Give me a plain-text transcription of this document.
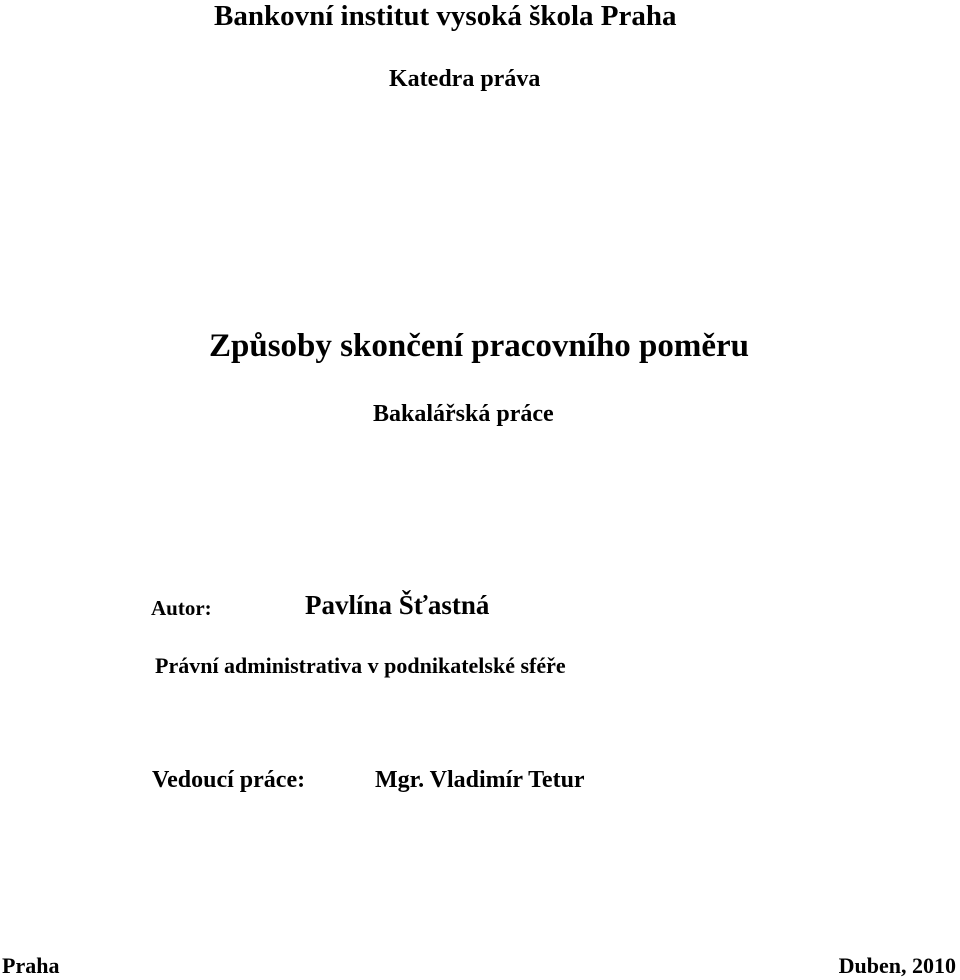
Bankovní institut vysoká škola Praha
Katedra práva
Způsoby skončení pracovního poměru
Bakalářská práce
Autor:	Pavlína Šťastná
Právní administrativa v podnikatelské sféře
Vedoucí práce:	Mgr. Vladimír Tetur
Praha	Duben, 2010
